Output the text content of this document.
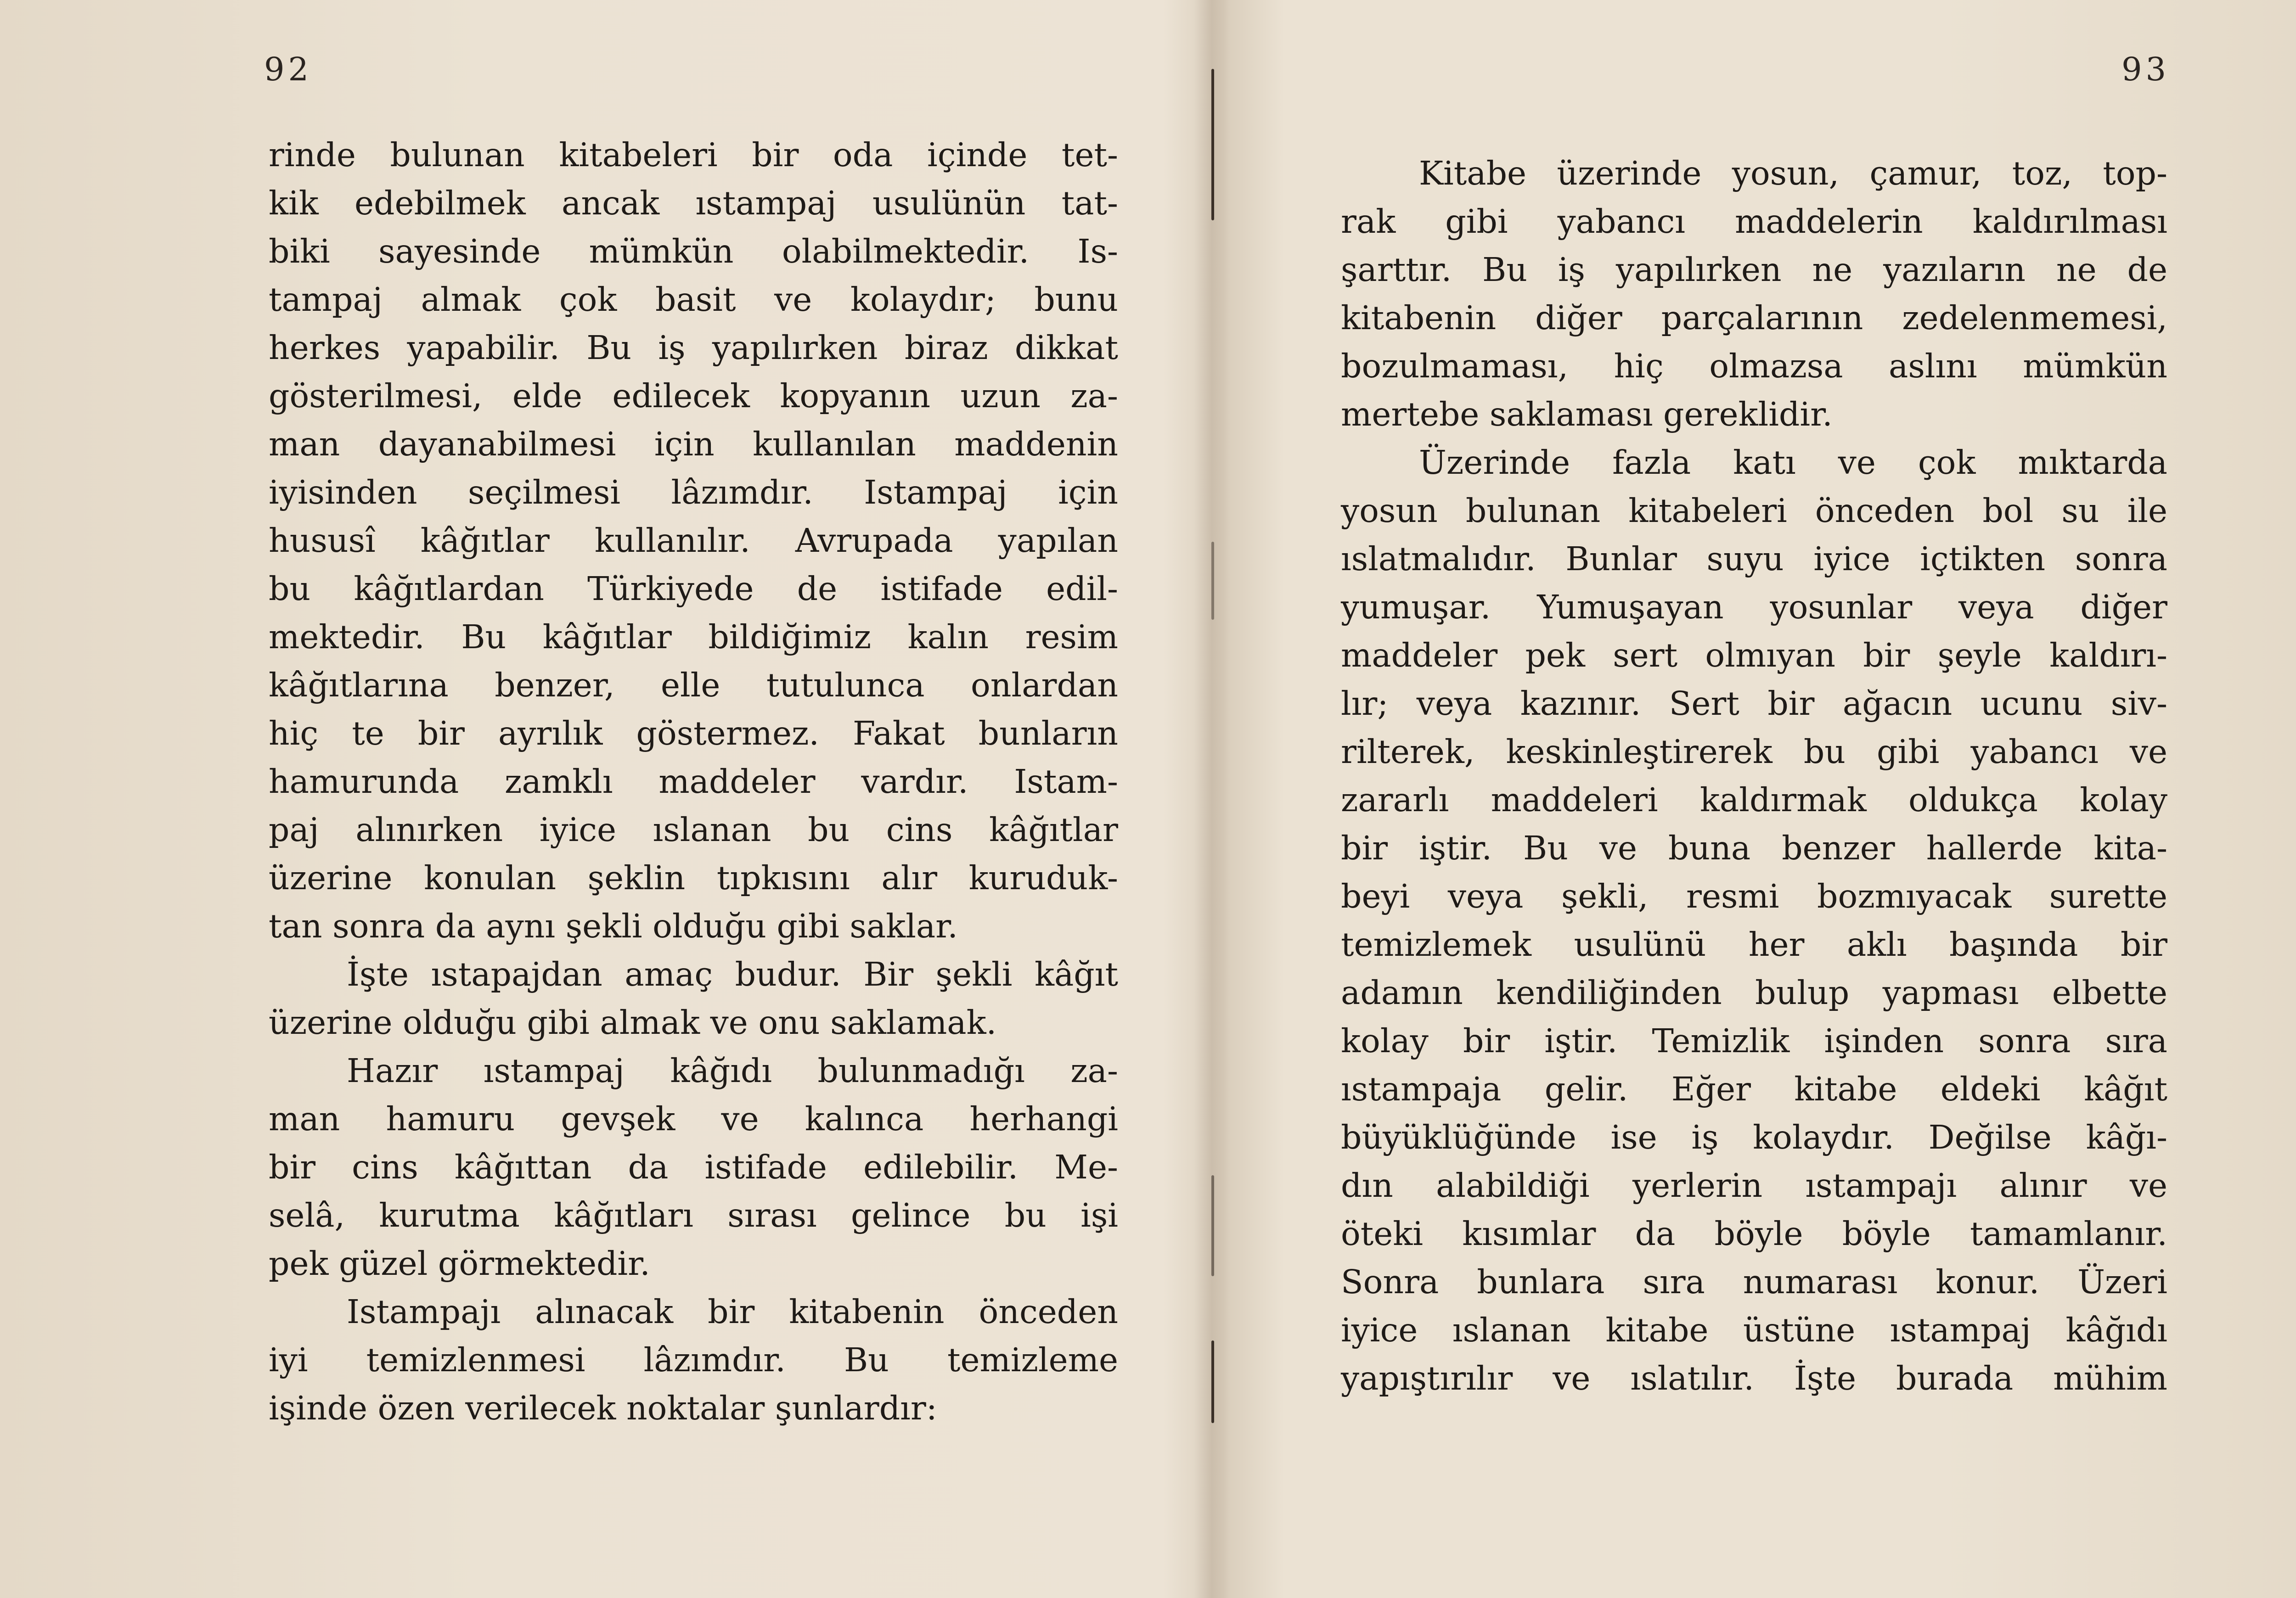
92
rinde bulunan kitabeleri bir oda içinde tet-
kik edebilmek ancak ıstampaj usulünün tat-
biki sayesinde mümkün olabilmektedir. Is-
tampaj almak çok basit ve kolaydır; bunu
herkes yapabilir. Bu iş yapılırken biraz dikkat
gösterilmesi, elde edilecek kopyanın uzun za-
man dayanabilmesi için kullanılan maddenin
iyisinden seçilmesi lâzımdır. Istampaj için
hususî kâğıtlar kullanılır. Avrupada yapılan
bu kâğıtlardan Türkiyede de istifade edil-
mektedir. Bu kâğıtlar bildiğimiz kalın resim
kâğıtlarına benzer, elle tutulunca onlardan
hiç te bir ayrılık göstermez. Fakat bunların
hamurunda zamklı maddeler vardır. Istam-
paj alınırken iyice ıslanan bu cins kâğıtlar
üzerine konulan şeklin tıpkısını alır kuruduk-
tan sonra da aynı şekli olduğu gibi saklar.
İşte ıstapajdan amaç budur. Bir şekli kâğıt
üzerine olduğu gibi almak ve onu saklamak.
Hazır ıstampaj kâğıdı bulunmadığı za-
man hamuru gevşek ve kalınca herhangi
bir cins kâğıttan da istifade edilebilir. Me-
selâ, kurutma kâğıtları sırası gelince bu işi
pek güzel görmektedir.
Istampajı alınacak bir kitabenin önceden
iyi temizlenmesi lâzımdır. Bu temizleme
işinde özen verilecek noktalar şunlardır:
93
Kitabe üzerinde yosun, çamur, toz, top-
rak gibi yabancı maddelerin kaldırılması
şarttır. Bu iş yapılırken ne yazıların ne de
kitabenin diğer parçalarının zedelenmemesi,
bozulmaması, hiç olmazsa aslını mümkün
mertebe saklaması gereklidir.
Üzerinde fazla katı ve çok mıktarda
yosun bulunan kitabeleri önceden bol su ile
ıslatmalıdır. Bunlar suyu iyice içtikten sonra
yumuşar. Yumuşayan yosunlar veya diğer
maddeler pek sert olmıyan bir şeyle kaldırı-
lır; veya kazınır. Sert bir ağacın ucunu siv-
rilterek, keskinleştirerek bu gibi yabancı ve
zararlı maddeleri kaldırmak oldukça kolay
bir iştir. Bu ve buna benzer hallerde kita-
beyi veya şekli, resmi bozmıyacak surette
temizlemek usulünü her aklı başında bir
adamın kendiliğinden bulup yapması elbette
kolay bir iştir. Temizlik işinden sonra sıra
ıstampaja gelir. Eğer kitabe eldeki kâğıt
büyüklüğünde ise iş kolaydır. Değilse kâğı-
dın alabildiği yerlerin ıstampajı alınır ve
öteki kısımlar da böyle böyle tamamlanır.
Sonra bunlara sıra numarası konur. Üzeri
iyice ıslanan kitabe üstüne ıstampaj kâğıdı
yapıştırılır ve ıslatılır. İşte burada mühim
